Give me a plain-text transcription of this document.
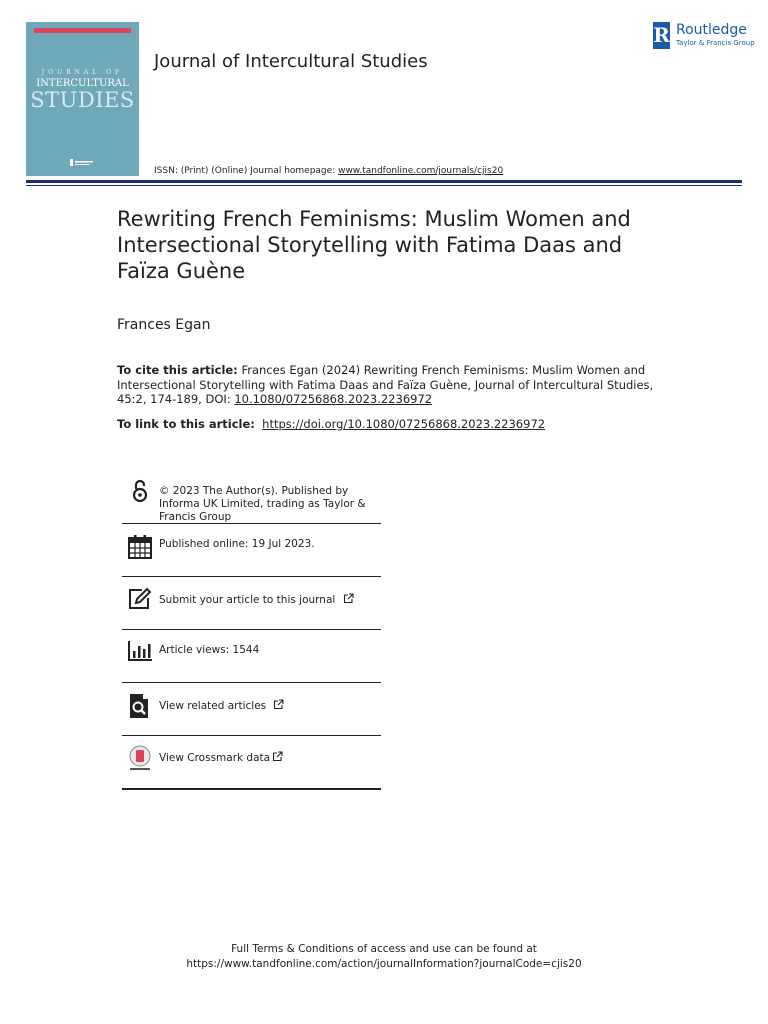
JOURNAL OF
INTERCULTURAL
STUDIES
Journal of Intercultural Studies
R Routledge
Taylor & Francis Group
ISSN: (Print) (Online) Journal homepage: www.tandfonline.com/journals/cjis20
Rewriting French Feminisms: Muslim Women and Intersectional Storytelling with Fatima Daas and Faïza Guène
Frances Egan
To cite this article: Frances Egan (2024) Rewriting French Feminisms: Muslim Women and Intersectional Storytelling with Fatima Daas and Faïza Guène, Journal of Intercultural Studies, 45:2, 174-189, DOI: 10.1080/07256868.2023.2236972
To link to this article: https://doi.org/10.1080/07256868.2023.2236972
© 2023 The Author(s). Published by Informa UK Limited, trading as Taylor & Francis Group
Published online: 19 Jul 2023.
Submit your article to this journal
Article views: 1544
View related articles
View Crossmark data
Full Terms & Conditions of access and use can be found at
https://www.tandfonline.com/action/journalInformation?journalCode=cjis20
